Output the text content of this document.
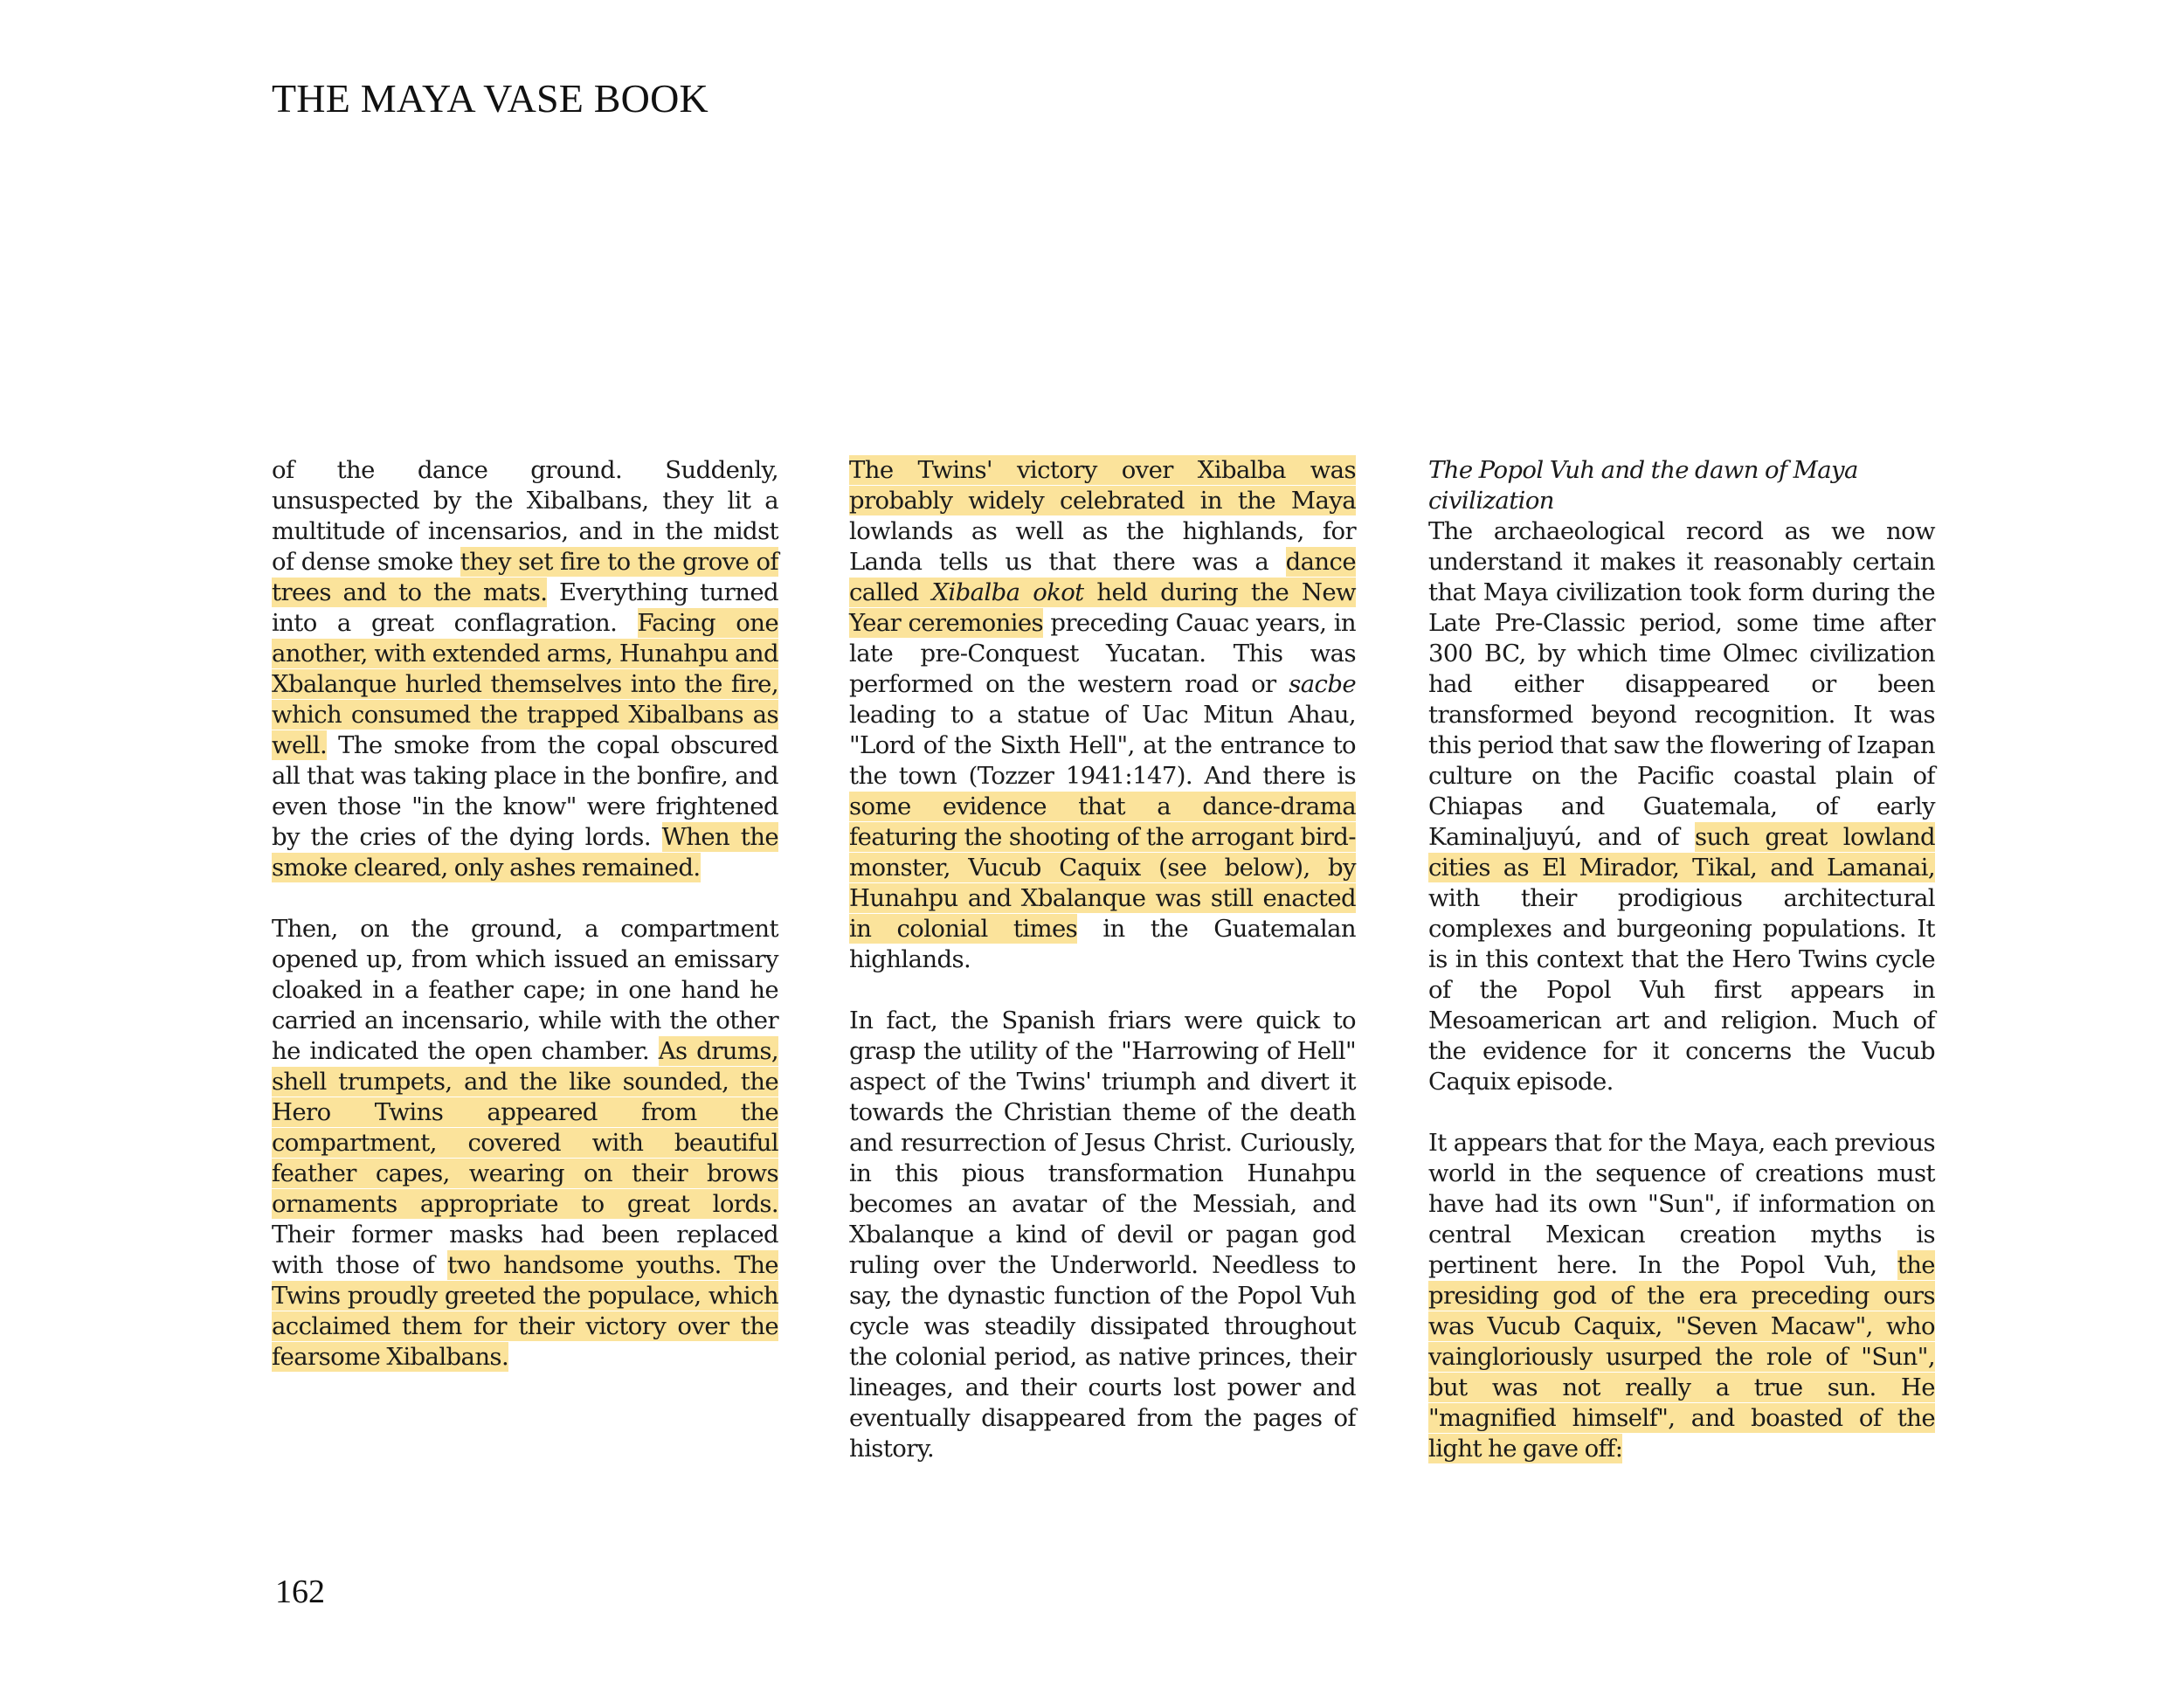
THE MAYA VASE BOOK

of the dance ground. Suddenly, unsuspected by the Xibalbans, they lit a multitude of incensarios, and in the midst of dense smoke they set fire to the grove of trees and to the mats. Everything turned into a great conflagration. Facing one another, with extended arms, Hunahpu and Xbalanque hurled themselves into the fire, which consumed the trapped Xibalbans as well. The smoke from the copal obscured all that was taking place in the bonfire, and even those "in the know" were frightened by the cries of the dying lords. When the smoke cleared, only ashes remained.

Then, on the ground, a compartment opened up, from which issued an emissary cloaked in a feather cape; in one hand he carried an incensario, while with the other he indicated the open chamber. As drums, shell trumpets, and the like sounded, the Hero Twins appeared from the compartment, covered with beautiful feather capes, wearing on their brows ornaments appropriate to great lords. Their former masks had been replaced with those of two handsome youths. The Twins proudly greeted the populace, which acclaimed them for their victory over the fearsome Xibalbans.

The Twins' victory over Xibalba was probably widely celebrated in the Maya lowlands as well as the highlands, for Landa tells us that there was a dance called Xibalba okot held during the New Year ceremonies preceding Cauac years, in late pre-Conquest Yucatan. This was performed on the western road or sacbe leading to a statue of Uac Mitun Ahau, "Lord of the Sixth Hell", at the entrance to the town (Tozzer 1941:147). And there is some evidence that a dance-drama featuring the shooting of the arrogant bird-monster, Vucub Caquix (see below), by Hunahpu and Xbalanque was still enacted in colonial times in the Guatemalan highlands.

In fact, the Spanish friars were quick to grasp the utility of the "Harrowing of Hell" aspect of the Twins' triumph and divert it towards the Christian theme of the death and resurrection of Jesus Christ. Curiously, in this pious transformation Hunahpu becomes an avatar of the Messiah, and Xbalanque a kind of devil or pagan god ruling over the Underworld. Needless to say, the dynastic function of the Popol Vuh cycle was steadily dissipated throughout the colonial period, as native princes, their lineages, and their courts lost power and eventually disappeared from the pages of history.

The Popol Vuh and the dawn of Maya civilization

The archaeological record as we now understand it makes it reasonably certain that Maya civilization took form during the Late Pre-Classic period, some time after 300 BC, by which time Olmec civilization had either disappeared or been transformed beyond recognition. It was this period that saw the flowering of Izapan culture on the Pacific coastal plain of Chiapas and Guatemala, of early Kaminaljuyú, and of such great lowland cities as El Mirador, Tikal, and Lamanai, with their prodigious architectural complexes and burgeoning populations. It is in this context that the Hero Twins cycle of the Popol Vuh first appears in Mesoamerican art and religion. Much of the evidence for it concerns the Vucub Caquix episode.

It appears that for the Maya, each previous world in the sequence of creations must have had its own "Sun", if information on central Mexican creation myths is pertinent here. In the Popol Vuh, the presiding god of the era preceding ours was Vucub Caquix, "Seven Macaw", who vaingloriously usurped the role of "Sun", but was not really a true sun. He "magnified himself", and boasted of the light he gave off:

162
